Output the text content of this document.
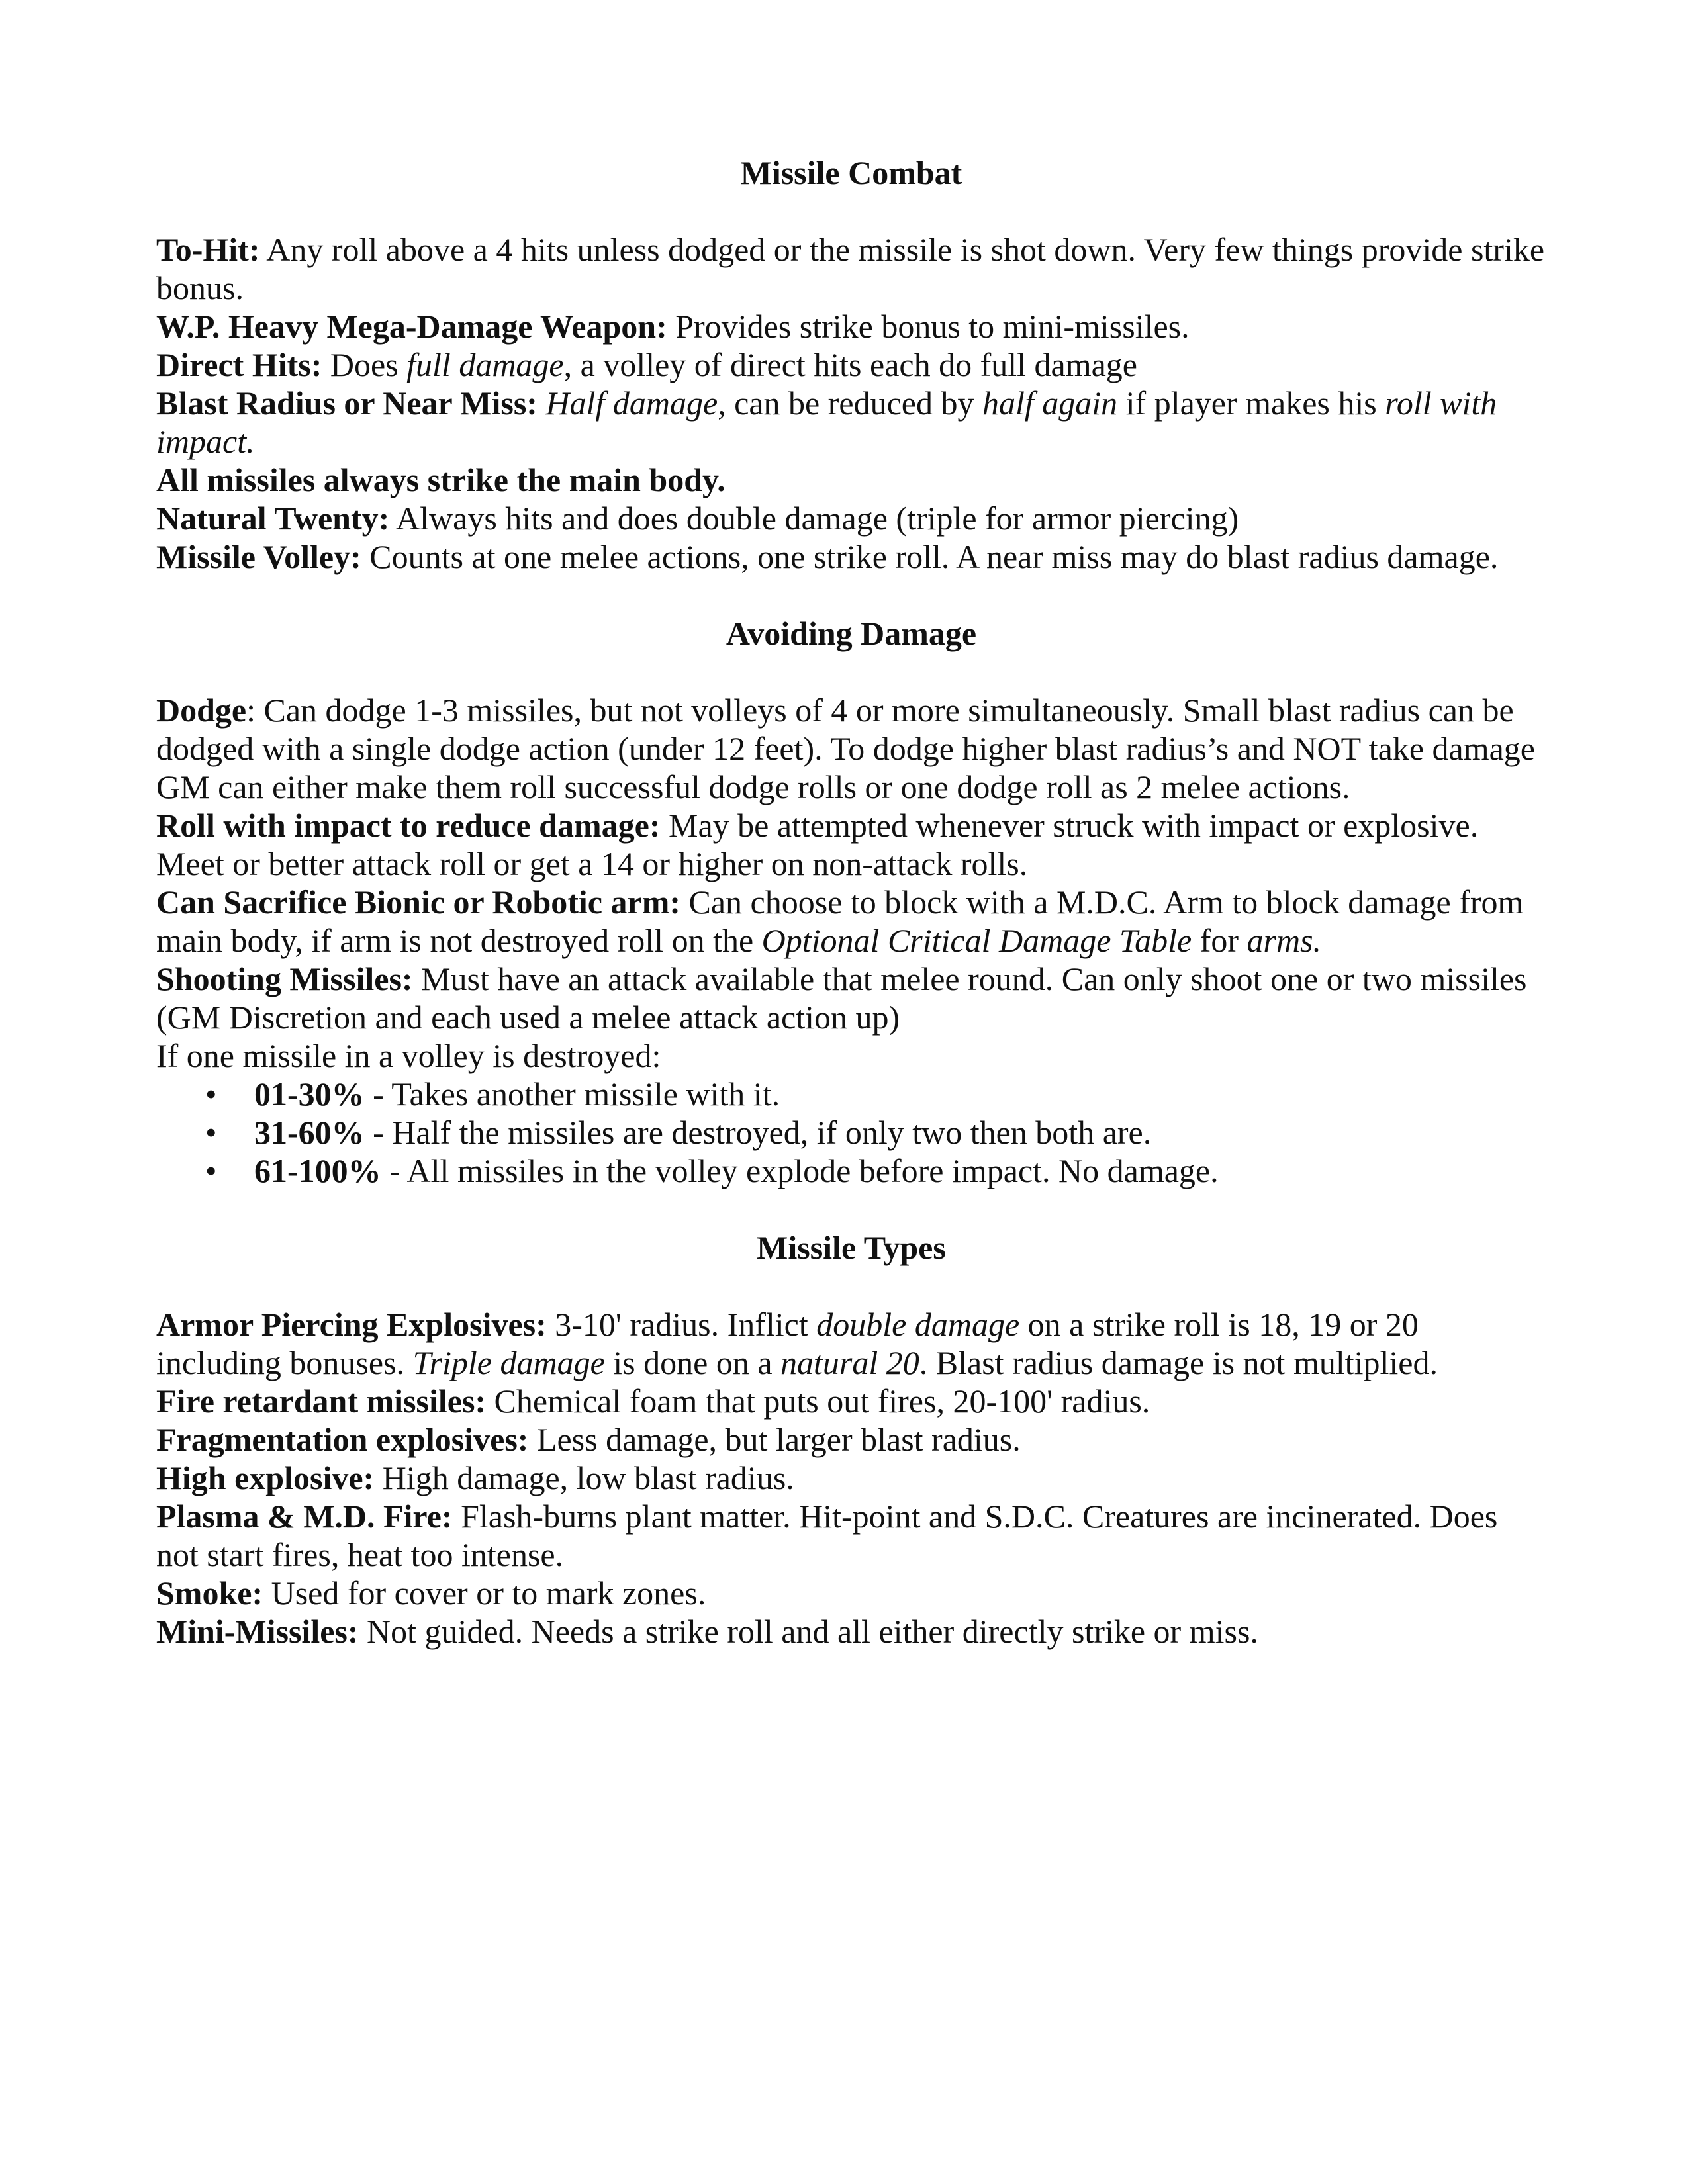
Missile Combat

To-Hit: Any roll above a 4 hits unless dodged or the missile is shot down. Very few things provide strike bonus.

W.P. Heavy Mega-Damage Weapon: Provides strike bonus to mini-missiles.

Direct Hits: Does full damage, a volley of direct hits each do full damage

Blast Radius or Near Miss: Half damage, can be reduced by half again if player makes his roll with impact.

All missiles always strike the main body.

Natural Twenty: Always hits and does double damage (triple for armor piercing)

Missile Volley: Counts at one melee actions, one strike roll. A near miss may do blast radius damage.

Avoiding Damage

Dodge: Can dodge 1-3 missiles, but not volleys of 4 or more simultaneously. Small blast radius can be dodged with a single dodge action (under 12 feet). To dodge higher blast radius’s and NOT take damage GM can either make them roll successful dodge rolls or one dodge roll as 2 melee actions.

Roll with impact to reduce damage: May be attempted whenever struck with impact or explosive. Meet or better attack roll or get a 14 or higher on non-attack rolls.

Can Sacrifice Bionic or Robotic arm: Can choose to block with a M.D.C. Arm to block damage from main body, if arm is not destroyed roll on the Optional Critical Damage Table for arms.

Shooting Missiles: Must have an attack available that melee round. Can only shoot one or two missiles (GM Discretion and each used a melee attack action up)

If one missile in a volley is destroyed:

• 01-30% - Takes another missile with it.
• 31-60% - Half the missiles are destroyed, if only two then both are.
• 61-100% - All missiles in the volley explode before impact. No damage.
Missile Types

Armor Piercing Explosives: 3-10' radius. Inflict double damage on a strike roll is 18, 19 or 20 including bonuses. Triple damage is done on a natural 20. Blast radius damage is not multiplied.

Fire retardant missiles: Chemical foam that puts out fires, 20-100' radius.

Fragmentation explosives: Less damage, but larger blast radius.

High explosive: High damage, low blast radius.

Plasma & M.D. Fire: Flash-burns plant matter. Hit-point and S.D.C. Creatures are incinerated. Does not start fires, heat too intense.

Smoke: Used for cover or to mark zones.

Mini-Missiles: Not guided. Needs a strike roll and all either directly strike or miss.
